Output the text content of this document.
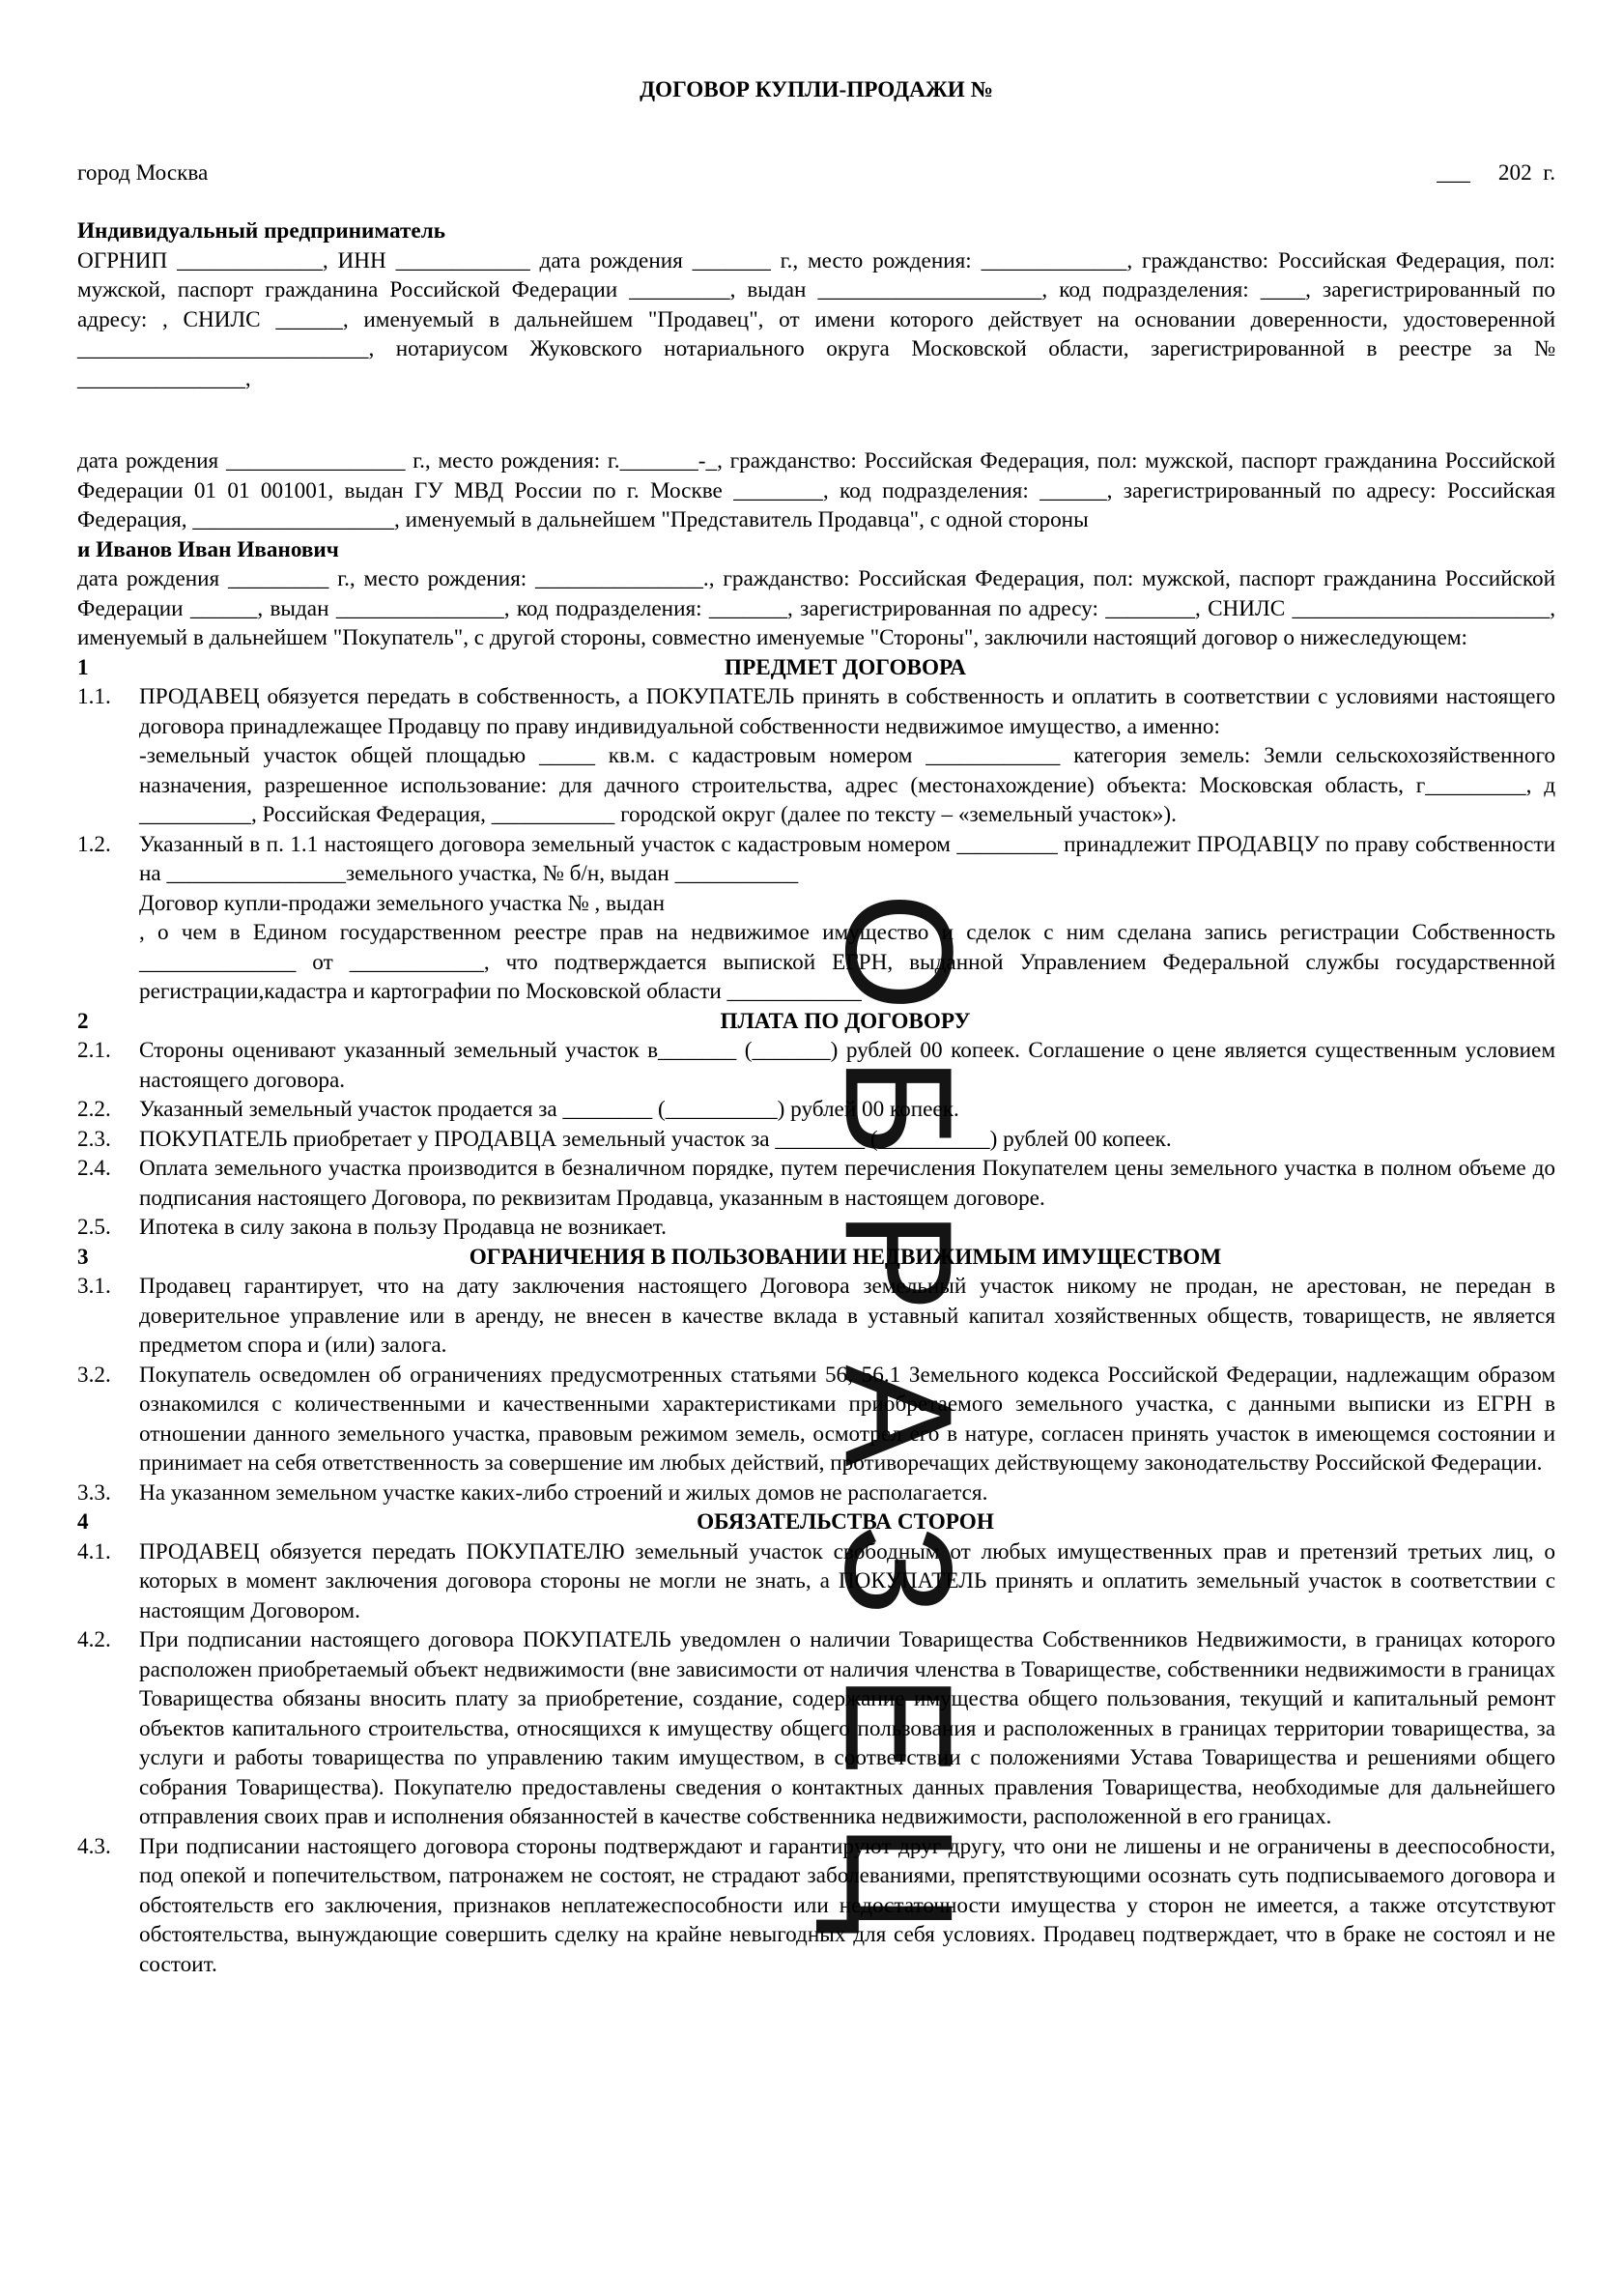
ДОГОВОР КУПЛИ-ПРОДАЖИ №
город Москва	___     202  г.
Индивидуальный предприниматель
ОГРНИП _____________, ИНН ____________ дата рождения _______ г., место рождения: _____________, гражданство: Российская Федерация, пол: мужской, паспорт гражданина Российской Федерации _________, выдан ____________________, код подразделения: ____, зарегистрированный по адресу: , СНИЛС ______, именуемый в дальнейшем "Продавец", от имени которого действует на основании доверенности, удостоверенной __________________________, нотариусом Жуковского нотариального округа Московской области, зарегистрированной в реестре за № _______________,
дата рождения ________________ г., место рождения: г._______-_, гражданство: Российская Федерация, пол: мужской, паспорт гражданина Российской Федерации 01 01 001001, выдан ГУ МВД России по г. Москве ________, код подразделения: ______, зарегистрированный по адресу: Российская Федерация, __________________, именуемый в дальнейшем "Представитель Продавца", с одной стороны
и Иванов Иван Иванович
дата рождения _________ г., место рождения: _______________., гражданство: Российская Федерация, пол: мужской, паспорт гражданина Российской Федерации ______, выдан _______________, код подразделения: _______, зарегистрированная по адресу: ________, СНИЛС _______________________, именуемый в дальнейшем "Покупатель", с другой стороны, совместно именуемые "Стороны", заключили настоящий договор о нижеследующем:
1	ПРЕДМЕТ ДОГОВОРА
1.1.	ПРОДАВЕЦ обязуется передать в собственность, а ПОКУПАТЕЛЬ принять в собственность и оплатить в соответствии с условиями настоящего договора принадлежащее Продавцу по праву индивидуальной собственности недвижимое имущество, а именно:
-земельный участок общей площадью _____ кв.м. с кадастровым номером ____________ категория земель: Земли сельскохозяйственного назначения, разрешенное использование: для дачного строительства, адрес (местонахождение) объекта: Московская область, г_________, д __________, Российская Федерация, ___________ городской округ (далее по тексту – «земельный участок»).
1.2.	Указанный в п. 1.1 настоящего договора земельный участок с кадастровым номером _________ принадлежит ПРОДАВЦУ по праву собственности на ________________земельного участка, № б/н, выдан ___________
Договор купли-продажи земельного участка № , выдан
, о чем в Едином государственном реестре прав на недвижимое имущество и сделок с ним сделана запись регистрации Собственность ______________ от ____________, что подтверждается выпиской ЕГРН, выданной Управлением Федеральной службы государственной регистрации,кадастра и картографии по Московской области ____________
2	ПЛАТА ПО ДОГОВОРУ
2.1.	Стороны оценивают указанный земельный участок в_______ (_______) рублей 00 копеек. Соглашение о цене является существенным условием настоящего договора.
2.2.	Указанный земельный участок продается за ________ (__________) рублей 00 копеек.
2.3.	ПОКУПАТЕЛЬ приобретает у ПРОДАВЦА земельный участок за ________ (__________) рублей 00 копеек.
2.4.	Оплата земельного участка производится в безналичном порядке, путем перечисления Покупателем цены земельного участка в полном объеме до подписания настоящего Договора, по реквизитам Продавца, указанным в настоящем договоре.
2.5.	Ипотека в силу закона в пользу Продавца не возникает.
3	ОГРАНИЧЕНИЯ В ПОЛЬЗОВАНИИ НЕДВИЖИМЫМ ИМУЩЕСТВОМ
3.1.	Продавец гарантирует, что на дату заключения настоящего Договора земельный участок никому не продан, не арестован, не передан в доверительное управление или в аренду, не внесен в качестве вклада в уставный капитал хозяйственных обществ, товариществ, не является предметом спора и (или) залога.
3.2.	Покупатель осведомлен об ограничениях предусмотренных статьями 56, 56.1 Земельного кодекса Российской Федерации, надлежащим образом ознакомился с количественными и качественными характеристиками приобретаемого земельного участка, с данными выписки из ЕГРН в отношении данного земельного участка, правовым режимом земель, осмотрел его в натуре, согласен принять участок в имеющемся состоянии и принимает на себя ответственность за совершение им любых действий, противоречащих действующему законодательству Российской Федерации.
3.3.	На указанном земельном участке каких-либо строений и жилых домов не располагается.
4	ОБЯЗАТЕЛЬСТВА СТОРОН
4.1.	ПРОДАВЕЦ обязуется передать ПОКУПАТЕЛЮ земельный участок свободным от любых имущественных прав и претензий третьих лиц, о которых в момент заключения договора стороны не могли не знать, а ПОКУПАТЕЛЬ принять и оплатить земельный участок в соответствии с настоящим Договором.
4.2.	При подписании настоящего договора ПОКУПАТЕЛЬ уведомлен о наличии Товарищества Собственников Недвижимости, в границах которого расположен приобретаемый объект недвижимости (вне зависимости от наличия членства в Товариществе, собственники недвижимости в границах Товарищества обязаны вносить плату за приобретение, создание, содержание имущества общего пользования, текущий и капитальный ремонт объектов капитального строительства, относящихся к имуществу общего пользования и расположенных в границах территории товарищества, за услуги и работы товарищества по управлению таким имуществом, в соответствии с положениями Устава Товарищества и решениями общего собрания Товарищества). Покупателю предоставлены сведения о контактных данных правления Товарищества, необходимые для дальнейшего отправления своих прав и исполнения обязанностей в качестве собственника недвижимости, расположенной в его границах.
4.3.	При подписании настоящего договора стороны подтверждают и гарантируют друг другу, что они не лишены и не ограничены в дееспособности, под опекой и попечительством, патронажем не состоят, не страдают заболеваниями, препятствующими осознать суть подписываемого договора и обстоятельств его заключения, признаков неплатежеспособности или недостаточности имущества у сторон не имеется, а также отсутствуют обстоятельства, вынуждающие совершить сделку на крайне невыгодных для себя условиях. Продавец подтверждает, что в браке не состоял и не состоит.
О
Б
Р
А
З
Е
Ц
